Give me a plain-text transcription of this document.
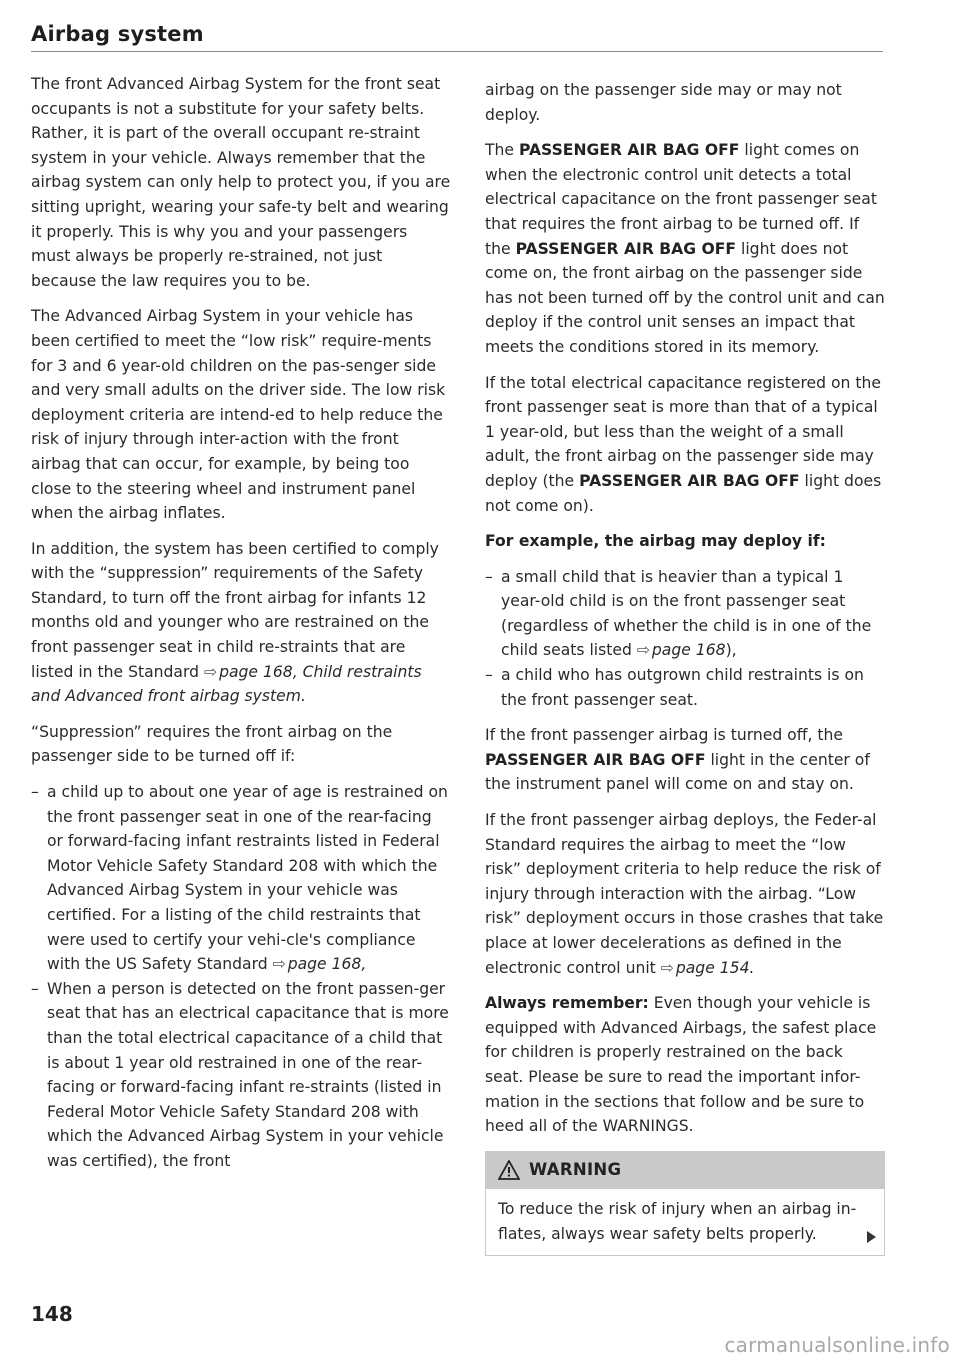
Airbag system

The front Advanced Airbag System for the front seat occupants is not a substitute for your safety belts. Rather, it is part of the overall occupant re-straint system in your vehicle. Always remember that the airbag system can only help to protect you, if you are sitting upright, wearing your safe-ty belt and wearing it properly. This is why you and your passengers must always be properly re-strained, not just because the law requires you to be.

The Advanced Airbag System in your vehicle has been certified to meet the “low risk” require-ments for 3 and 6 year-old children on the pas-senger side and very small adults on the driver side. The low risk deployment criteria are intend-ed to help reduce the risk of injury through inter-action with the front airbag that can occur, for example, by being too close to the steering wheel and instrument panel when the airbag inflates.

In addition, the system has been certified to comply with the “suppression” requirements of the Safety Standard, to turn off the front airbag for infants 12 months old and younger who are restrained on the front passenger seat in child re-straints that are listed in the Standard ⇨ page 168, Child restraints and Advanced front airbag system.

“Suppression” requires the front airbag on the passenger side to be turned off if:

– a child up to about one year of age is restrained on the front passenger seat in one of the rear-facing or forward-facing infant restraints listed in Federal Motor Vehicle Safety Standard 208 with which the Advanced Airbag System in your vehicle was certified. For a listing of the child restraints that were used to certify your vehi-cle's compliance with the US Safety Standard ⇨ page 168,
– When a person is detected on the front passen-ger seat that has an electrical capacitance that is more than the total electrical capacitance of a child that is about 1 year old restrained in one of the rear-facing or forward-facing infant re-straints (listed in Federal Motor Vehicle Safety Standard 208 with which the Advanced Airbag System in your vehicle was certified), the front

airbag on the passenger side may or may not deploy.

The PASSENGER AIR BAG OFF light comes on when the electronic control unit detects a total electrical capacitance on the front passenger seat that requires the front airbag to be turned off. If the PASSENGER AIR BAG OFF light does not come on, the front airbag on the passenger side has not been turned off by the control unit and can deploy if the control unit senses an impact that meets the conditions stored in its memory.

If the total electrical capacitance registered on the front passenger seat is more than that of a typical 1 year-old, but less than the weight of a small adult, the front airbag on the passenger side may deploy (the PASSENGER AIR BAG OFF light does not come on).

For example, the airbag may deploy if:

– a small child that is heavier than a typical 1 year-old child is on the front passenger seat (regardless of whether the child is in one of the child seats listed ⇨ page 168),
– a child who has outgrown child restraints is on the front passenger seat.

If the front passenger airbag is turned off, the PASSENGER AIR BAG OFF light in the center of the instrument panel will come on and stay on.

If the front passenger airbag deploys, the Feder-al Standard requires the airbag to meet the “low risk” deployment criteria to help reduce the risk of injury through interaction with the airbag. “Low risk” deployment occurs in those crashes that take place at lower decelerations as defined in the electronic control unit ⇨ page 154.

Always remember: Even though your vehicle is equipped with Advanced Airbags, the safest place for children is properly restrained on the back seat. Please be sure to read the important infor-mation in the sections that follow and be sure to heed all of the WARNINGS.

WARNING
To reduce the risk of injury when an airbag in-flates, always wear safety belts properly.
148
carmanualsonline.info
